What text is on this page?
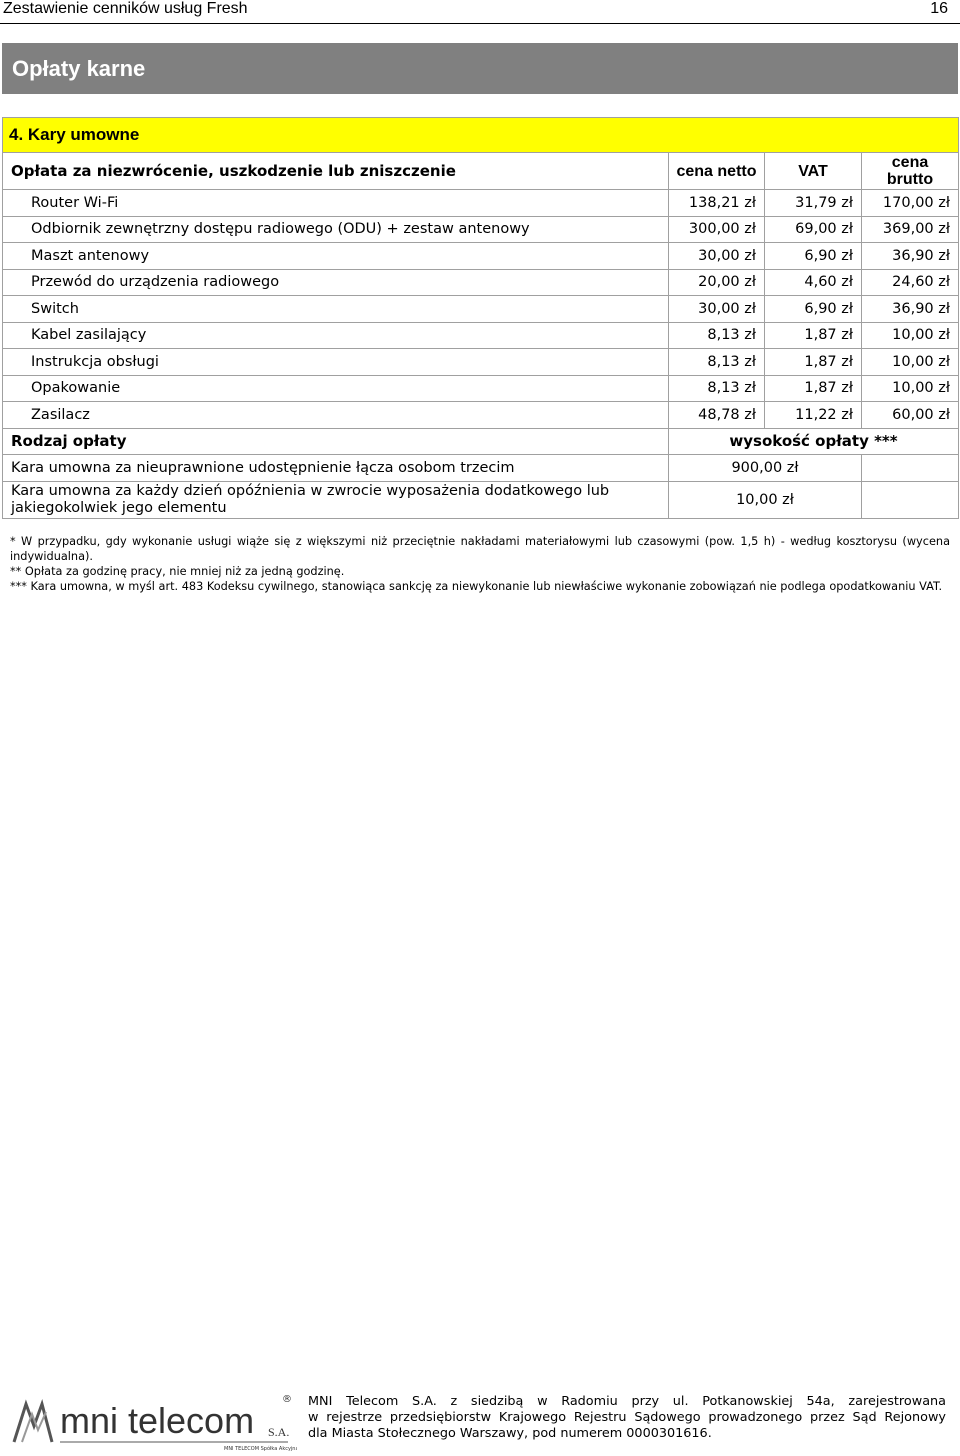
Zestawienie cenników usług Fresh	16
Opłaty karne
4. Kary umowne			
Opłata za niezwrócenie, uszkodzenie lub zniszczenie	cena netto	VAT	cena brutto
Router Wi-Fi	138,21 zł	31,79 zł	170,00 zł
Odbiornik zewnętrzny dostępu radiowego (ODU) + zestaw antenowy	300,00 zł	69,00 zł	369,00 zł
Maszt antenowy	30,00 zł	6,90 zł	36,90 zł
Przewód do urządzenia radiowego	20,00 zł	4,60 zł	24,60 zł
Switch	30,00 zł	6,90 zł	36,90 zł
Kabel zasilający	8,13 zł	1,87 zł	10,00 zł
Instrukcja obsługi	8,13 zł	1,87 zł	10,00 zł
Opakowanie	8,13 zł	1,87 zł	10,00 zł
Zasilacz	48,78 zł	11,22 zł	60,00 zł
Rodzaj opłaty	wysokość opłaty ***		
Kara umowna za nieuprawnione udostępnienie łącza osobom trzecim	900,00 zł		
Kara umowna za każdy dzień opóźnienia w zwrocie wyposażenia dodatkowego lub jakiegokolwiek jego elementu	10,00 zł		

* W przypadku, gdy wykonanie usługi wiąże się z większymi niż przeciętnie nakładami materiałowymi lub czasowymi (pow. 1,5 h) - według kosztorysu (wycena indywidualna).

** Opłata za godzinę pracy, nie mniej niż za jedną godzinę.

*** Kara umowna, w myśl art. 483 Kodeksu cywilnego, stanowiąca sankcję za niewykonanie lub niewłaściwe wykonanie zobowiązań nie podlega opodatkowaniu VAT.

mni telecom S.A.
®
MNI TELECOM Spółka Akcyjna

MNI Telecom S.A. z siedzibą w Radomiu przy ul. Potkanowskiej 54a, zarejestrowana

w rejestrze przedsiębiorstw Krajowego Rejestru Sądowego prowadzonego przez Sąd Rejonowy

dla Miasta Stołecznego Warszawy, pod numerem 0000301616.
